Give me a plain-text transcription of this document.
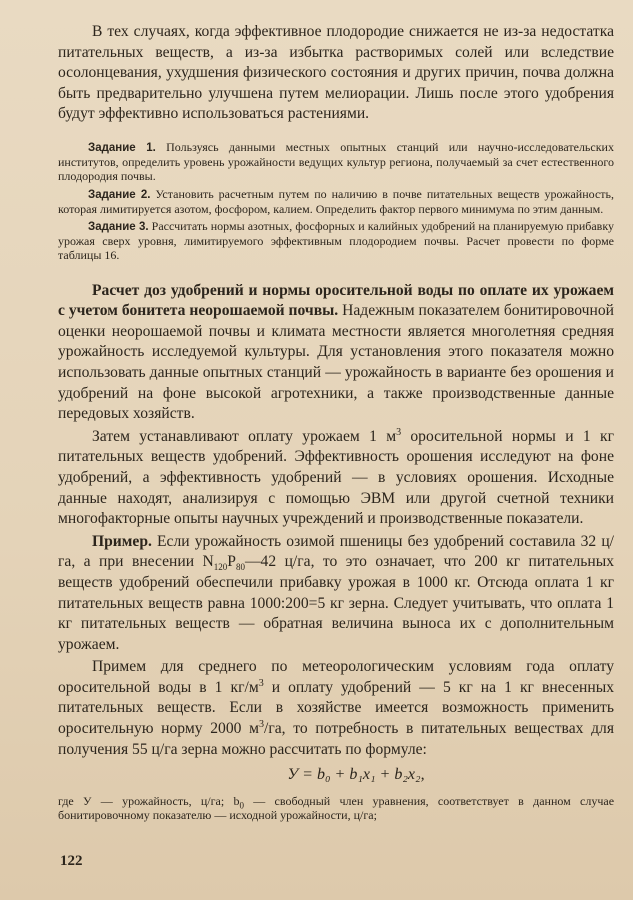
В тех случаях, когда эффективное плодородие снижается не из-за недостатка питательных веществ, а из-за избытка растворимых солей или вследствие осолонцевания, ухудшения физического состояния и других причин, почва должна быть предварительно улучшена путем мелиорации. Лишь после этого удобрения будут эффективно использоваться растениями.

Задание 1. Пользуясь данными местных опытных станций или научно-исследовательских институтов, определить уровень урожайности ведущих культур региона, получаемый за счет естественного плодородия почвы.

Задание 2. Установить расчетным путем по наличию в почве питательных веществ урожайность, которая лимитируется азотом, фосфором, калием. Определить фактор первого минимума по этим данным.

Задание 3. Рассчитать нормы азотных, фосфорных и калийных удобрений на планируемую прибавку урожая сверх уровня, лимитируемого эффективным плодородием почвы. Расчет провести по форме таблицы 16.

Расчет доз удобрений и нормы оросительной воды по оплате их урожаем с учетом бонитета неорошаемой почвы. Надежным показателем бонитировочной оценки неорошаемой почвы и климата местности является многолетняя средняя урожайность исследуемой культуры. Для установления этого показателя можно использовать данные опытных станций — урожайность в варианте без орошения и удобрений на фоне высокой агротехники, а также производственные данные передовых хозяйств.

Затем устанавливают оплату урожаем 1 $м^3$ оросительной нормы и 1 кг питательных веществ удобрений. Эффективность орошения исследуют на фоне удобрений, а эффективность удобрений — в условиях орошения. Исходные данные находят, анализируя с помощью ЭВМ или другой счетной техники многофакторные опыты научных учреждений и производственные показатели.

Пример. Если урожайность озимой пшеницы без удобрений составила 32 ц/га, а при внесении $N_{120}P_{80}—42$ ц/га, то это означает, что 200 кг питательных веществ удобрений обеспечили прибавку урожая в 1000 кг. Отсюда оплата 1 кг питательных веществ равна 1000:200=5 кг зерна. Следует учитывать, что оплата 1 кг питательных веществ — обратная величина выноса их с дополнительным урожаем.

Примем для среднего по метеорологическим условиям года оплату оросительной воды в 1 $кг/м^3$ и оплату удобрений — 5 кг на 1 кг внесенных питательных веществ. Если в хозяйстве имеется возможность применить оросительную норму 2000 $м^3/га$, то потребность в питательных веществах для получения 55 ц/га зерна можно рассчитать по формуле:

У = b₀ + b₁x₁ + b₂x₂,

где У — урожайность, ц/га; $b_0$ — свободный член уравнения, соответствует в данном случае бонитировочному показателю — исходной урожайности, ц/га;

122
